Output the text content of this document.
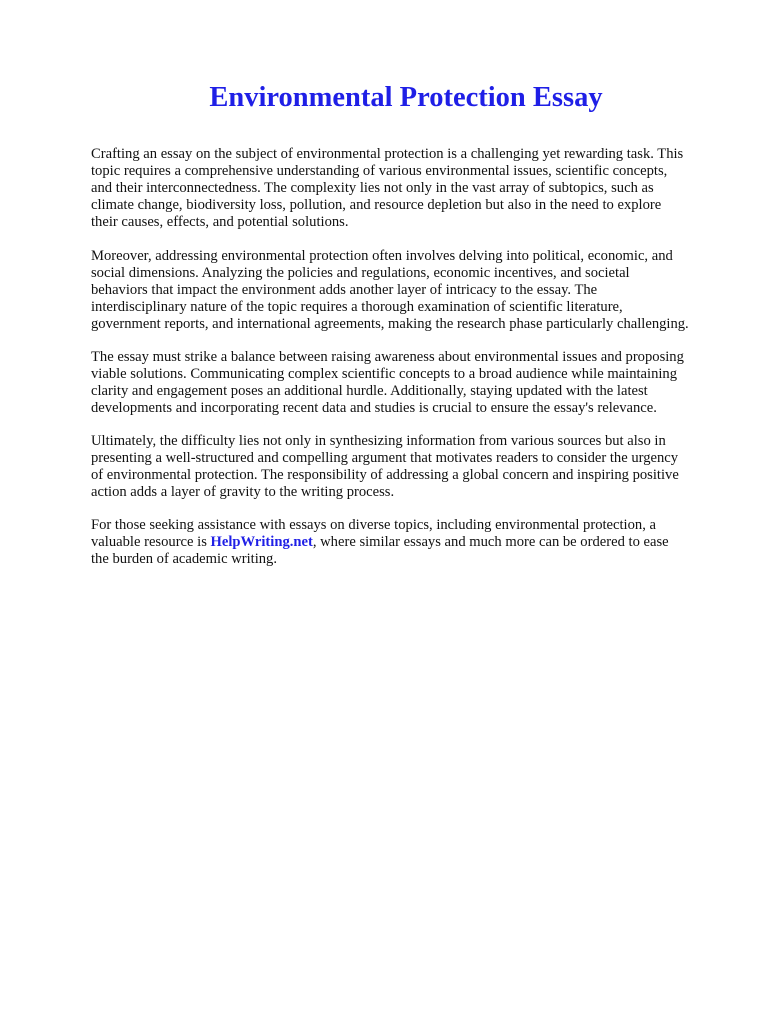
Environmental Protection Essay

Crafting an essay on the subject of environmental protection is a challenging yet rewarding task. This
topic requires a comprehensive understanding of various environmental issues, scientific concepts,
and their interconnectedness. The complexity lies not only in the vast array of subtopics, such as
climate change, biodiversity loss, pollution, and resource depletion but also in the need to explore
their causes, effects, and potential solutions.

Moreover, addressing environmental protection often involves delving into political, economic, and
social dimensions. Analyzing the policies and regulations, economic incentives, and societal
behaviors that impact the environment adds another layer of intricacy to the essay. The
interdisciplinary nature of the topic requires a thorough examination of scientific literature,
government reports, and international agreements, making the research phase particularly challenging.

The essay must strike a balance between raising awareness about environmental issues and proposing
viable solutions. Communicating complex scientific concepts to a broad audience while maintaining
clarity and engagement poses an additional hurdle. Additionally, staying updated with the latest
developments and incorporating recent data and studies is crucial to ensure the essay's relevance.

Ultimately, the difficulty lies not only in synthesizing information from various sources but also in
presenting a well-structured and compelling argument that motivates readers to consider the urgency
of environmental protection. The responsibility of addressing a global concern and inspiring positive
action adds a layer of gravity to the writing process.

For those seeking assistance with essays on diverse topics, including environmental protection, a
valuable resource is HelpWriting.net, where similar essays and much more can be ordered to ease
the burden of academic writing.
